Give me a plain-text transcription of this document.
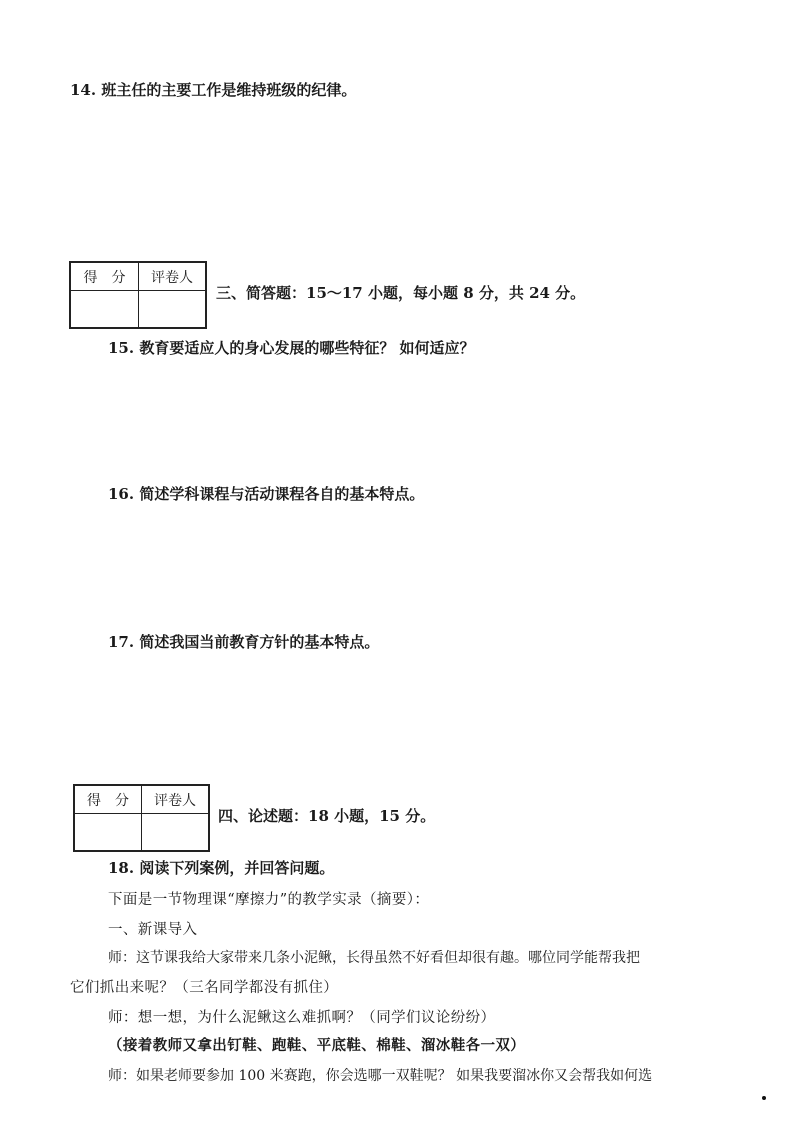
14. 班主任的主要工作是维持班级的纪律。
得　分	评卷人

三、简答题：15～17 小题，每小题 8 分，共 24 分。
15. 教育要适应人的身心发展的哪些特征？ 如何适应？
16. 简述学科课程与活动课程各自的基本特点。
17. 简述我国当前教育方针的基本特点。
得　分	评卷人

四、论述题：18 小题，15 分。
18. 阅读下列案例，并回答问题。
下面是一节物理课“摩擦力”的教学实录（摘要）：
一、新课导入
师：这节课我给大家带来几条小泥鳅，长得虽然不好看但却很有趣。哪位同学能帮我把
它们抓出来呢？（三名同学都没有抓住）
师：想一想，为什么泥鳅这么难抓啊？（同学们议论纷纷）
（接着教师又拿出钉鞋、跑鞋、平底鞋、棉鞋、溜冰鞋各一双）
师：如果老师要参加 100 米赛跑，你会选哪一双鞋呢？ 如果我要溜冰你又会帮我如何选
